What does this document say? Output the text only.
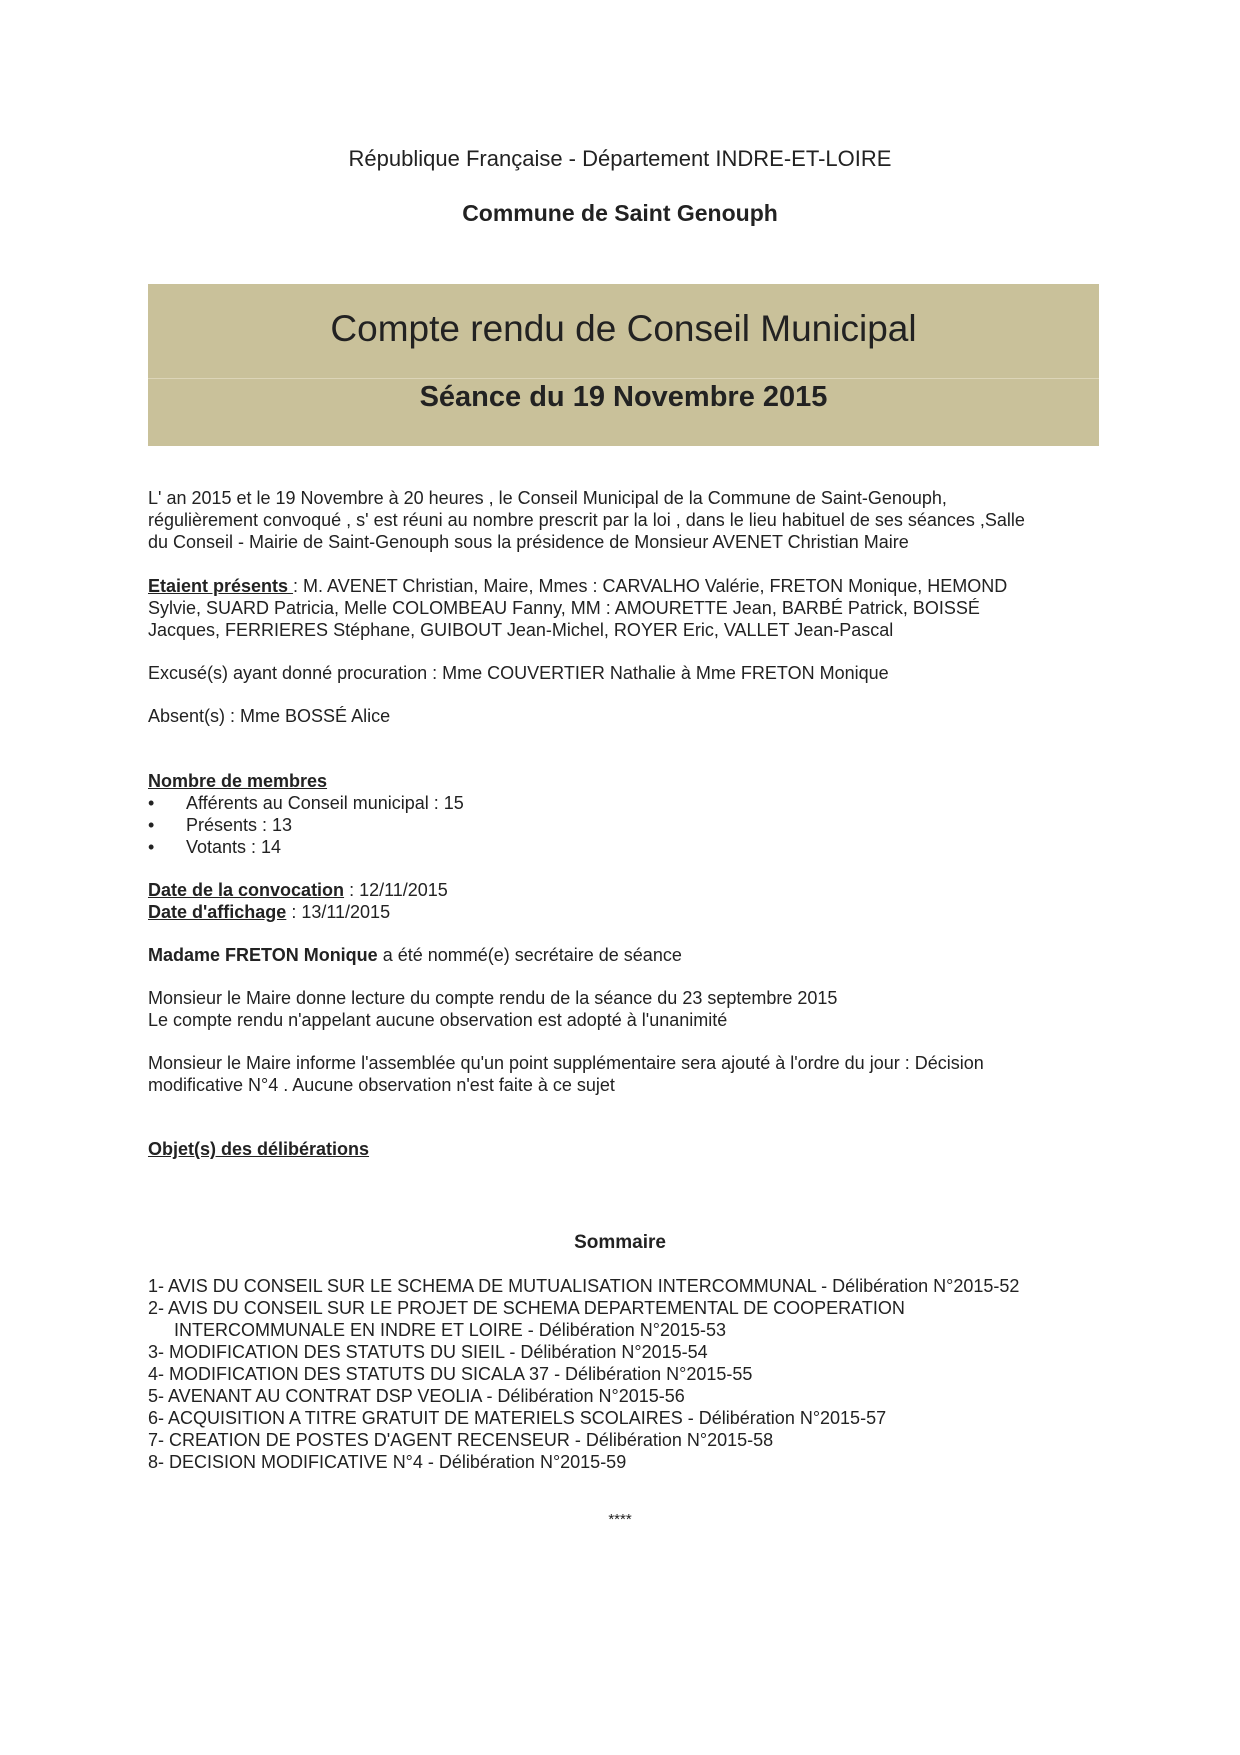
République Française - Département INDRE-ET-LOIRE
Commune de Saint Genouph
Compte rendu de Conseil Municipal
Séance du 19 Novembre 2015

L' an 2015 et le 19 Novembre à 20 heures , le Conseil Municipal de la Commune de Saint-Genouph,

régulièrement convoqué , s' est réuni au nombre prescrit par la loi , dans le lieu habituel de ses séances ,Salle

du Conseil - Mairie de Saint-Genouph sous la présidence de Monsieur AVENET Christian Maire

Etaient présents : M. AVENET Christian, Maire, Mmes : CARVALHO Valérie, FRETON Monique, HEMOND

Sylvie, SUARD Patricia, Melle COLOMBEAU Fanny, MM : AMOURETTE Jean, BARBÉ Patrick, BOISSÉ

Jacques, FERRIERES Stéphane, GUIBOUT Jean-Michel, ROYER Eric, VALLET Jean-Pascal

Excusé(s) ayant donné procuration : Mme COUVERTIER Nathalie à Mme FRETON Monique
Absent(s) : Mme BOSSÉ Alice

Nombre de membres

• Afférents au Conseil municipal : 15
• Présents : 13
• Votants : 14

Date de la convocation : 12/11/2015

Date d'affichage : 13/11/2015

Madame FRETON Monique a été nommé(e) secrétaire de séance

Monsieur le Maire donne lecture du compte rendu de la séance du 23 septembre 2015

Le compte rendu n'appelant aucune observation est adopté à l'unanimité

Monsieur le Maire informe l'assemblée qu'un point supplémentaire sera ajouté à l'ordre du jour : Décision

modificative N°4 . Aucune observation n'est faite à ce sujet

Objet(s) des délibérations
Sommaire
1- AVIS DU CONSEIL SUR LE SCHEMA DE MUTUALISATION INTERCOMMUNAL - Délibération N°2015-52
2- AVIS DU CONSEIL SUR LE PROJET DE SCHEMA DEPARTEMENTAL DE COOPERATION
INTERCOMMUNALE EN INDRE ET LOIRE - Délibération N°2015-53
3- MODIFICATION DES STATUTS DU SIEIL - Délibération N°2015-54
4- MODIFICATION DES STATUTS DU SICALA 37 - Délibération N°2015-55
5- AVENANT AU CONTRAT DSP VEOLIA - Délibération N°2015-56
6- ACQUISITION A TITRE GRATUIT DE MATERIELS SCOLAIRES - Délibération N°2015-57
7- CREATION DE POSTES D'AGENT RECENSEUR - Délibération N°2015-58
8- DECISION MODIFICATIVE N°4 - Délibération N°2015-59
****
